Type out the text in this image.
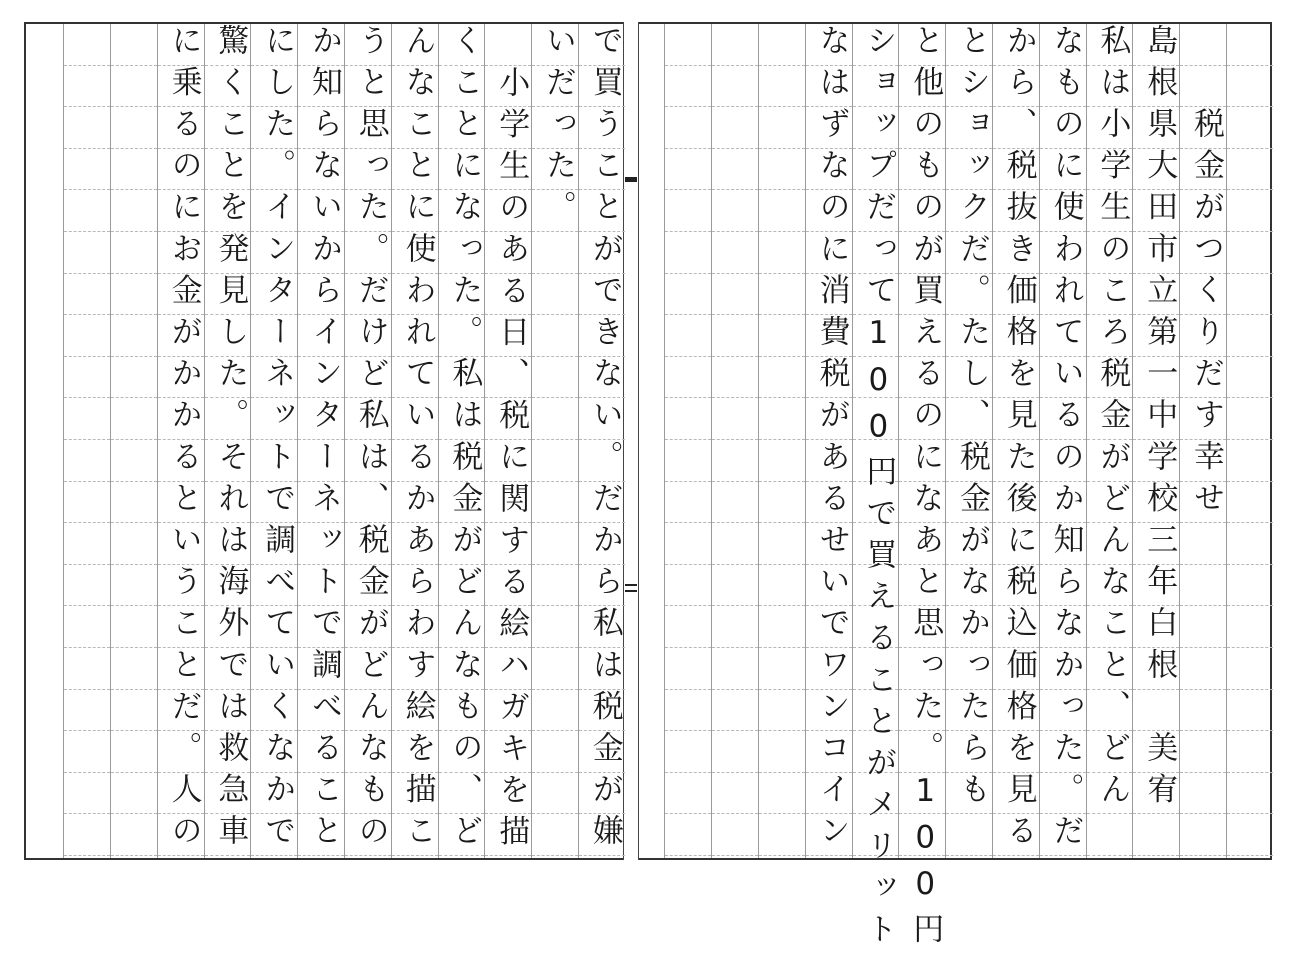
税金がつくりだす幸せ
島根県大田市立第一中学校三年白根　美宥
私は小学生のころ税金がどんなこと、どん
なものに使われているのか知らなかった。だ
から、税抜き価格を見た後に税込価格を見る
とショックだ。たし、税金がなかったらも
と他のものが買えるのになあと思った。100円
ショップだって100円で買えることがメリット
なはずなのに消費税があるせいでワンコイン
で買うことができない。だから私は税金が嫌
いだった。
小学生のある日、税に関する絵ハガキを描
くことになった。私は税金がどんなもの、ど
んなことに使われているかあらわす絵を描こ
うと思った。だけど私は、税金がどんなもの
か知らないからインターネットで調べること
にした。インターネットで調べていくなかで
驚くことを発見した。それは海外では救急車
に乗るのにお金がかかるということだ。人の
